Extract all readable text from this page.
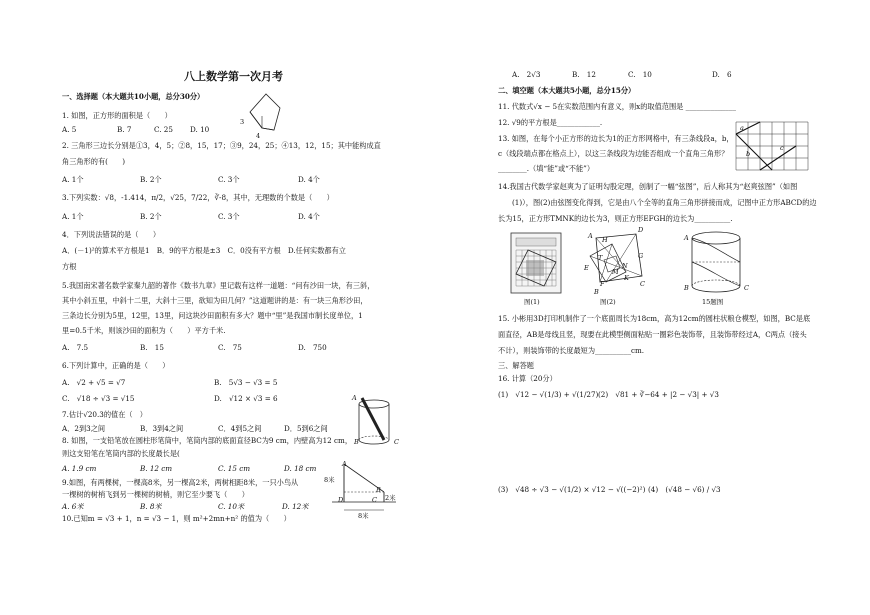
八上数学第一次月考
一、选择题（本大题共10小题，总分30分）
1. 如图，正方形的面积是（　　）
A. 5	B. 7	C. 25 D. 10
3
4
2. 三角形三边长分别是①3，4，5；②8，15，17；③9，24，25；④13，12，15；其中能构成直
角三角形的有(　　)
A. 1个	B. 2个	C. 3个	D. 4个
3.下列实数：√8，-1.414，π/2，√25，7/22，∛-8，其中，无理数的个数是（　　）
A. 1个	B. 2个	C. 3个	D. 4个
4．下列说法错误的是（　　）
A．(－1)²的算术平方根是1　B．9的平方根是±3　C．0没有平方根　D.任何实数都有立
方根
5.我国南宋著名数学家秦九韶的著作《数书九章》里记载有这样一道题：“问有沙田一块，有三斜，
其中小斜五里，中斜十二里，大斜十三里，欲知为田几何？”这道题讲的是：有一块三角形沙田，
三条边长分别为5里，12里，13里，问这块沙田面积有多大？题中“里”是我国市制长度单位，1
里=0.5千米，则该沙田的面积为（　　）平方千米.
A.　7.5	B.　15	C.　75	D.　750
6.下列计算中，正确的是（　　）
A.　√2 + √5 = √7	B.　5√3 − √3 = 5
C.　√18 ÷ √3 = √15	D.　√12 × √3 = 6
7.估计√20.3的值在（　）
A．2到3之间	B．3到4之间	C．4到5之间	D．5到6之间
A
B	C
8. 如图，一支铅笔放在圆柱形笔筒中，笔筒内部的底面直径BC为9 cm，内壁高为12 cm，
则这支铅笔在笔筒内部的长度最长是(
A. 1.9 cm	B. 12 cm	C. 15 cm	D. 18 cm
9.如图，有两棵树，一棵高8米，另一棵高2米，两树相距8米，一只小鸟从
一棵树的树梢飞到另一棵树的树梢，则它至少要飞（　　）
A. 6米	B. 8米	C. 10米	D. 12米
8米
2米
8米
A
B
C
D
10.已知m = √3 + 1，n = √3 − 1，则 m²+2mn+n² 的值为（　　）
A.　2√3	B.　12	C.　10	D.　6
二、填空题（本大题共5小题，总分15分）
11. 代数式√x − 5在实数范围内有意义，则x的取值范围是 ______________
12. √9的平方根是____________.
13. 如图，在每个小正方形的边长为1的正方形网格中，有三条线段a，b，
c（线段端点都在格点上），以这三条线段为边能否组成一个直角三角形？
________.（填“能”或“不能”）
a
b
c
14.我国古代数学家赵爽为了证明勾股定理，创制了一幅“弦图”，后人称其为“赵爽弦图”（如图
(1)），图(2)由弦图变化得到，它是由八个全等的直角三角形拼接而成，记图中正方形ABCD的边
长为15，正方形TMNK的边长为3，则正方形EFGH的边长为__________.
图(1)
A
D
H
T	G
E	M
N
K
F
B
C
图(2)
A
B	C
15题图
15. 小彬用3D打印机制作了一个底面周长为18cm，高为12cm的圆柱状粮仓模型，如图，BC是底
面直径，AB是母线且竖，现要在此模型侧面粘贴一圈彩色装饰带，且装饰带经过A，C两点（接头
不计），则装饰带的长度最短为__________cm.
三、解答题
16. 计算（20分）
(1)　√12 − √(1/3) + √(1/27) (2)　√81 + ∛−64 + |2 − √3| + √3
(3)　√48 ÷ √3 − √(1/2) × √12 − √((−2)²) (4)　(√48 − √6) / √3
